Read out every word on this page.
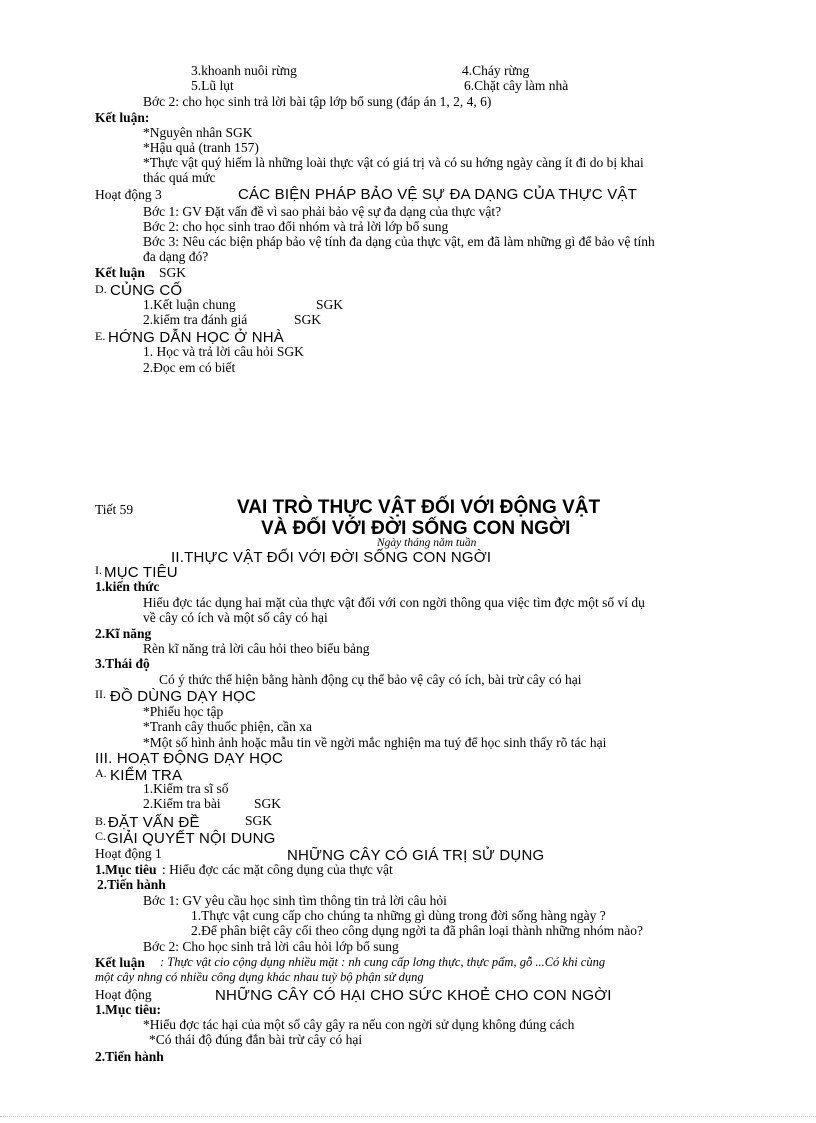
3.khoanh nuôi rừng	4.Cháy rừng
5.Lũ lụt	6.Chặt cây làm nhà
Bớc 2: cho học sinh trả lời bài tập lớp bổ sung (đáp án 1, 2, 4, 6)
Kết luận:
*Nguyên nhân SGK
*Hậu quả (tranh 157)
*Thực vật quý hiếm là những loài thực vật có giá trị và có su hớng ngày càng ít đi do bị khai
thác quá mức
Hoạt động 3	CÁC BIỆN PHÁP BẢO VỆ SỰ ĐA DẠNG CỦA THỰC VẬT
Bớc 1: GV Đặt vấn đề vì sao phải bảo vệ sự đa dạng của thực vật?
Bớc 2: cho học sinh trao đổi nhóm và trả lời lớp bổ sung
Bớc 3: Nêu các biện pháp bảo vệ tính đa dạng của thực vật, em đã làm những gì để bảo vệ tính
đa dạng đó?
Kết luận SGK
D. CỦNG CỐ
1.Kết luận chung	SGK
2.kiểm tra đánh giá	SGK
E. HỚNG DẪN HỌC Ở NHÀ
1. Học và trả lời câu hỏi SGK
2.Đọc em có biết
Tiết 59	VAI TRÒ THỰC VẬT ĐỐI VỚI ĐỘNG VẬT
VÀ ĐỐI VỚI ĐỜI SỐNG CON NGỜI
Ngày tháng năm tuần
II.THỰC VẬT ĐỐI VỚI ĐỜI SỐNG CON NGỜI
I. MỤC TIÊU
1.kiến thức
Hiểu đợc tác dụng hai mặt của thực vật đối với con ngời thông qua việc tìm đợc một số ví dụ
về cây có ích và một số cây có hại
2.Kĩ năng
Rèn kĩ năng trả lời câu hỏi theo biểu bảng
3.Thái độ
Có ý thức thể hiện bằng hành động cụ thể bảo vệ cây có ích, bài trừ cây có hại
II. ĐỒ DÙNG DẠY HỌC
*Phiếu học tập
*Tranh cây thuốc phiện, cần xa
*Một số hình ảnh hoặc mẫu tin về ngời mắc nghiện ma tuý để học sinh thấy rõ tác hại
III. HOẠT ĐỘNG DẠY HỌC
A. KIỂM TRA
1.Kiểm tra sĩ số
2.Kiểm tra bài SGK
B. ĐẶT VẤN ĐỀ	SGK
C. GIẢI QUYẾT NỘI DUNG
Hoạt động 1	NHỮNG CÂY CÓ GIÁ TRỊ SỬ DỤNG
1.Mục tiêu : Hiểu đợc các mặt công dụng của thực vật
2.Tiến hành
Bớc 1: GV yêu cầu học sinh tìm thông tin trả lời câu hỏi
1.Thực vật cung cấp cho chúng ta những gì dùng trong đời sống hàng ngày ?
2.Để phân biệt cây cối theo công dụng ngời ta đã phân loại thành những nhóm nào?
Bớc 2: Cho học sinh trả lời câu hỏi lớp bổ sung
Kết luận : Thực vật cio cộng dụng nhiều mặt : nh cung cấp lơng thực, thực pẩm, gỗ ...Có khi cùng
một cây nhng có nhiều công dụng khác nhau tuỳ bộ phận sử dụng
Hoạt động	NHỮNG CÂY CÓ HẠI CHO SỨC KHOẺ CHO CON NGỜI
1.Mục tiêu:
*Hiểu đợc tác hại của một số cây gây ra nếu con ngời sử dụng không đúng cách
*Có thái độ đúng đắn bài trừ cây có hại
2.Tiến hành
